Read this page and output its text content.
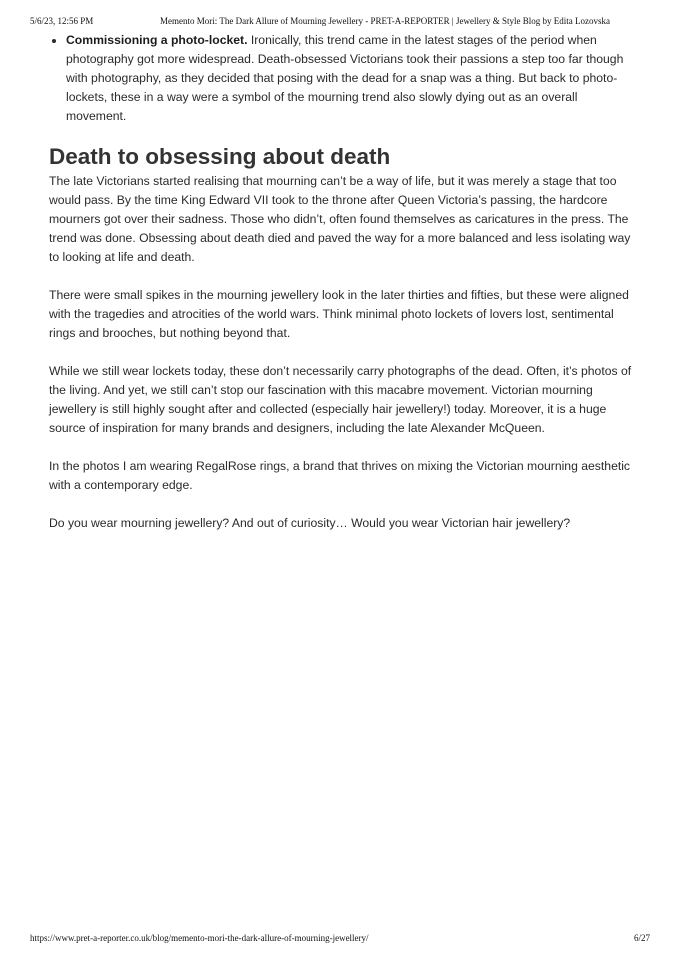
5/6/23, 12:56 PM	Memento Mori: The Dark Allure of Mourning Jewellery - PRET-A-REPORTER | Jewellery & Style Blog by Edita Lozovska
• Commissioning a photo-locket. Ironically, this trend came in the latest stages of the period when photography got more widespread. Death-obsessed Victorians took their passions a step too far though with photography, as they decided that posing with the dead for a snap was a thing. But back to photo-lockets, these in a way were a symbol of the mourning trend also slowly dying out as an overall movement.
Death to obsessing about death

The late Victorians started realising that mourning can’t be a way of life, but it was merely a stage that too would pass. By the time King Edward VII took to the throne after Queen Victoria’s passing, the hardcore mourners got over their sadness. Those who didn’t, often found themselves as caricatures in the press. The trend was done. Obsessing about death died and paved the way for a more balanced and less isolating way to looking at life and death.

There were small spikes in the mourning jewellery look in the later thirties and fifties, but these were aligned with the tragedies and atrocities of the world wars. Think minimal photo lockets of lovers lost, sentimental rings and brooches, but nothing beyond that.

While we still wear lockets today, these don’t necessarily carry photographs of the dead. Often, it’s photos of the living. And yet, we still can’t stop our fascination with this macabre movement. Victorian mourning jewellery is still highly sought after and collected (especially hair jewellery!) today. Moreover, it is a huge source of inspiration for many brands and designers, including the late Alexander McQueen.

In the photos I am wearing RegalRose rings, a brand that thrives on mixing the Victorian mourning aesthetic with a contemporary edge.

Do you wear mourning jewellery? And out of curiosity… Would you wear Victorian hair jewellery?

https://www.pret-a-reporter.co.uk/blog/memento-mori-the-dark-allure-of-mourning-jewellery/	6/27
